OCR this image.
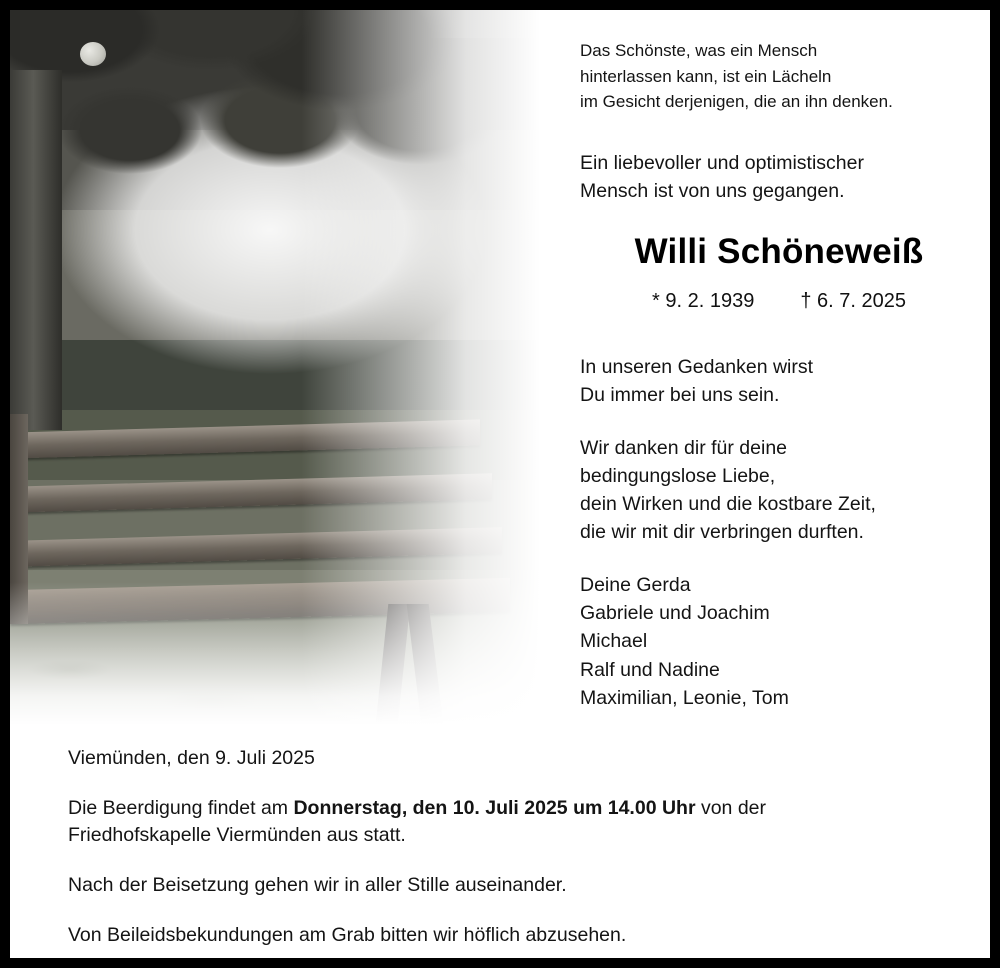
Das Schönste, was ein Mensch
hinterlassen kann, ist ein Lächeln
im Gesicht derjenigen, die an ihn denken.
Ein liebevoller und optimistischer
Mensch ist von uns gegangen.
Willi Schöneweiß
* 9. 2. 1939 † 6. 7. 2025
In unseren Gedanken wirst
Du immer bei uns sein.
Wir danken dir für deine
bedingungslose Liebe,
dein Wirken und die kostbare Zeit,
die wir mit dir verbringen durften.
Deine Gerda
Gabriele und Joachim
Michael
Ralf und Nadine
Maximilian, Leonie, Tom

Viemünden, den 9. Juli 2025

Die Beerdigung findet am Donnerstag, den 10. Juli 2025 um 14.00 Uhr von der
Friedhofskapelle Viermünden aus statt.

Nach der Beisetzung gehen wir in aller Stille auseinander.

Von Beileidsbekundungen am Grab bitten wir höflich abzusehen.
